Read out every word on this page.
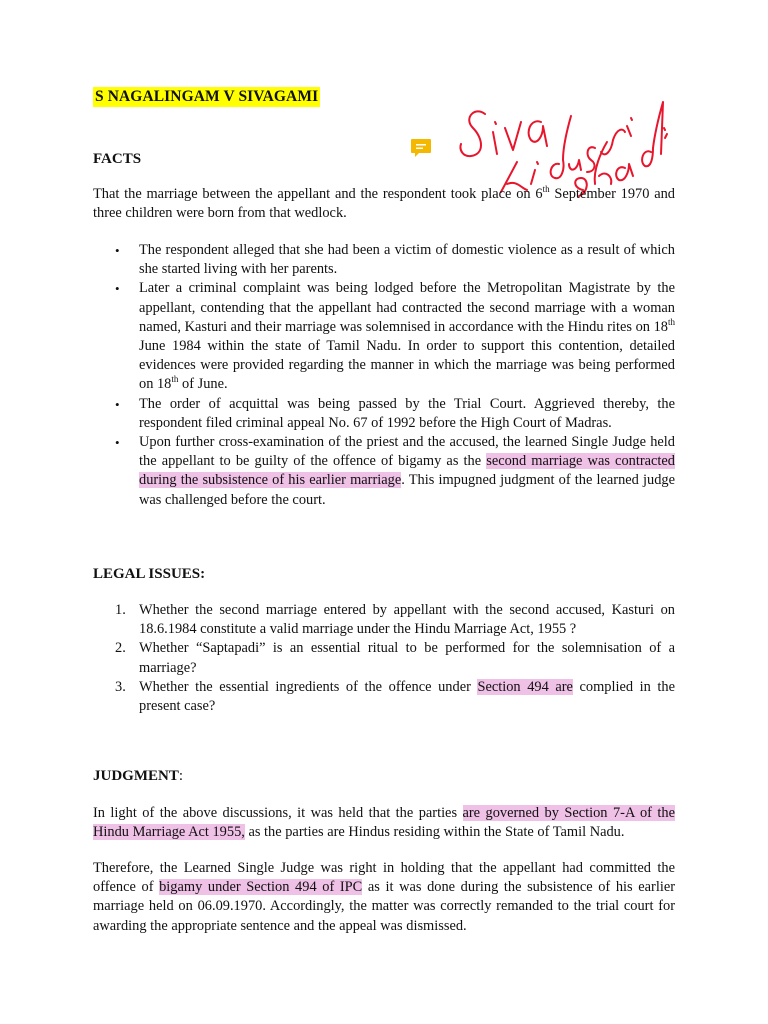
S NAGALINGAM V SIVAGAMI
FACTS
That the marriage between the appellant and the respondent took place on 6th September 1970 and three children were born from that wedlock.
• The respondent alleged that she had been a victim of domestic violence as a result of which she started living with her parents.
• Later a criminal complaint was being lodged before the Metropolitan Magistrate by the appellant, contending that the appellant had contracted the second marriage with a woman named, Kasturi and their marriage was solemnised in accordance with the Hindu rites on 18th June 1984 within the state of Tamil Nadu. In order to support this contention, detailed evidences were provided regarding the manner in which the marriage was being performed on 18th of June.
• The order of acquittal was being passed by the Trial Court. Aggrieved thereby, the respondent filed criminal appeal No. 67 of 1992 before the High Court of Madras.
• Upon further cross-examination of the priest and the accused, the learned Single Judge held the appellant to be guilty of the offence of bigamy as the second marriage was contracted during the subsistence of his earlier marriage. This impugned judgment of the learned judge was challenged before the court.
LEGAL ISSUES:
1. Whether the second marriage entered by appellant with the second accused, Kasturi on 18.6.1984 constitute a valid marriage under the Hindu Marriage Act, 1955 ?
2. Whether “Saptapadi” is an essential ritual to be performed for the solemnisation of a marriage?
3. Whether the essential ingredients of the offence under Section 494 are complied in the present case?
JUDGMENT:
In light of the above discussions, it was held that the parties are governed by Section 7-A of the Hindu Marriage Act 1955, as the parties are Hindus residing within the State of Tamil Nadu.
Therefore, the Learned Single Judge was right in holding that the appellant had committed the offence of bigamy under Section 494 of IPC as it was done during the subsistence of his earlier marriage held on 06.09.1970. Accordingly, the matter was correctly remanded to the trial court for awarding the appropriate sentence and the appeal was dismissed.
